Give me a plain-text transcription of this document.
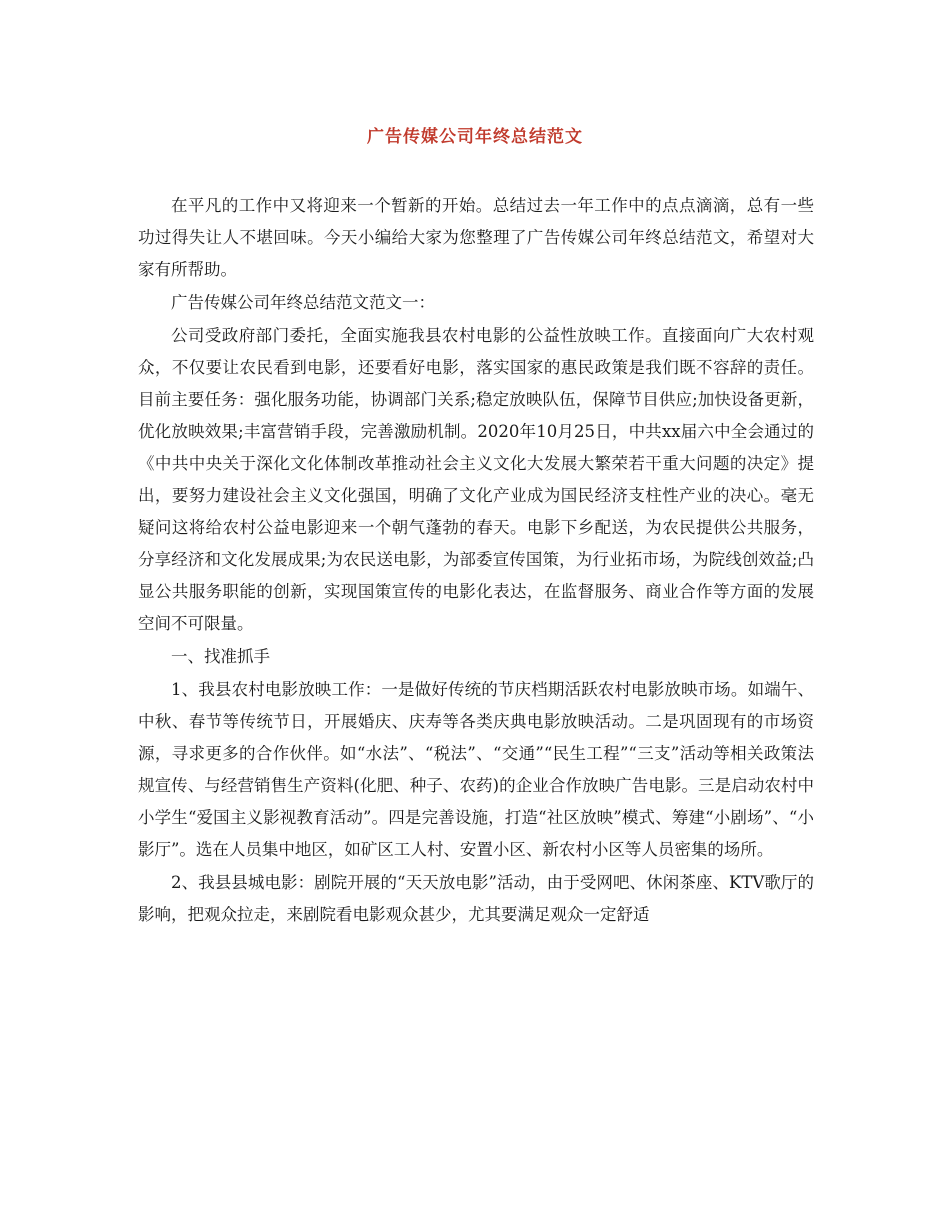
广告传媒公司年终总结范文

在平凡的工作中又将迎来一个暂新的开始。总结过去一年工作中的点点滴滴，总有一些功过得失让人不堪回味。今天小编给大家为您整理了广告传媒公司年终总结范文，希望对大家有所帮助。

广告传媒公司年终总结范文范文一：

公司受政府部门委托，全面实施我县农村电影的公益性放映工作。直接面向广大农村观众，不仅要让农民看到电影，还要看好电影，落实国家的惠民政策是我们既不容辞的责任。目前主要任务：强化服务功能，协调部门关系;稳定放映队伍，保障节目供应;加快设备更新，优化放映效果;丰富营销手段，完善激励机制。2020年10月25日，中共xx届六中全会通过的《中共中央关于深化文化体制改革推动社会主义文化大发展大繁荣若干重大问题的决定》提出，要努力建设社会主义文化强国，明确了文化产业成为国民经济支柱性产业的决心。毫无疑问这将给农村公益电影迎来一个朝气蓬勃的春天。电影下乡配送，为农民提供公共服务，分享经济和文化发展成果;为农民送电影，为部委宣传国策，为行业拓市场，为院线创效益;凸显公共服务职能的创新，实现国策宣传的电影化表达，在监督服务、商业合作等方面的发展空间不可限量。

一、找准抓手

1、我县农村电影放映工作：一是做好传统的节庆档期活跃农村电影放映市场。如端午、中秋、春节等传统节日，开展婚庆、庆寿等各类庆典电影放映活动。二是巩固现有的市场资源，寻求更多的合作伙伴。如“水法”、“税法”、“交通”“民生工程”“三支”活动等相关政策法规宣传、与经营销售生产资料(化肥、种子、农药)的企业合作放映广告电影。三是启动农村中小学生“爱国主义影视教育活动”。四是完善设施，打造“社区放映”模式、筹建“小剧场”、“小影厅”。选在人员集中地区，如矿区工人村、安置小区、新农村小区等人员密集的场所。

2、我县县城电影：剧院开展的“天天放电影”活动，由于受网吧、休闲茶座、KTV歌厅的影响，把观众拉走，来剧院看电影观众甚少，尤其要满足观众一定舒适
